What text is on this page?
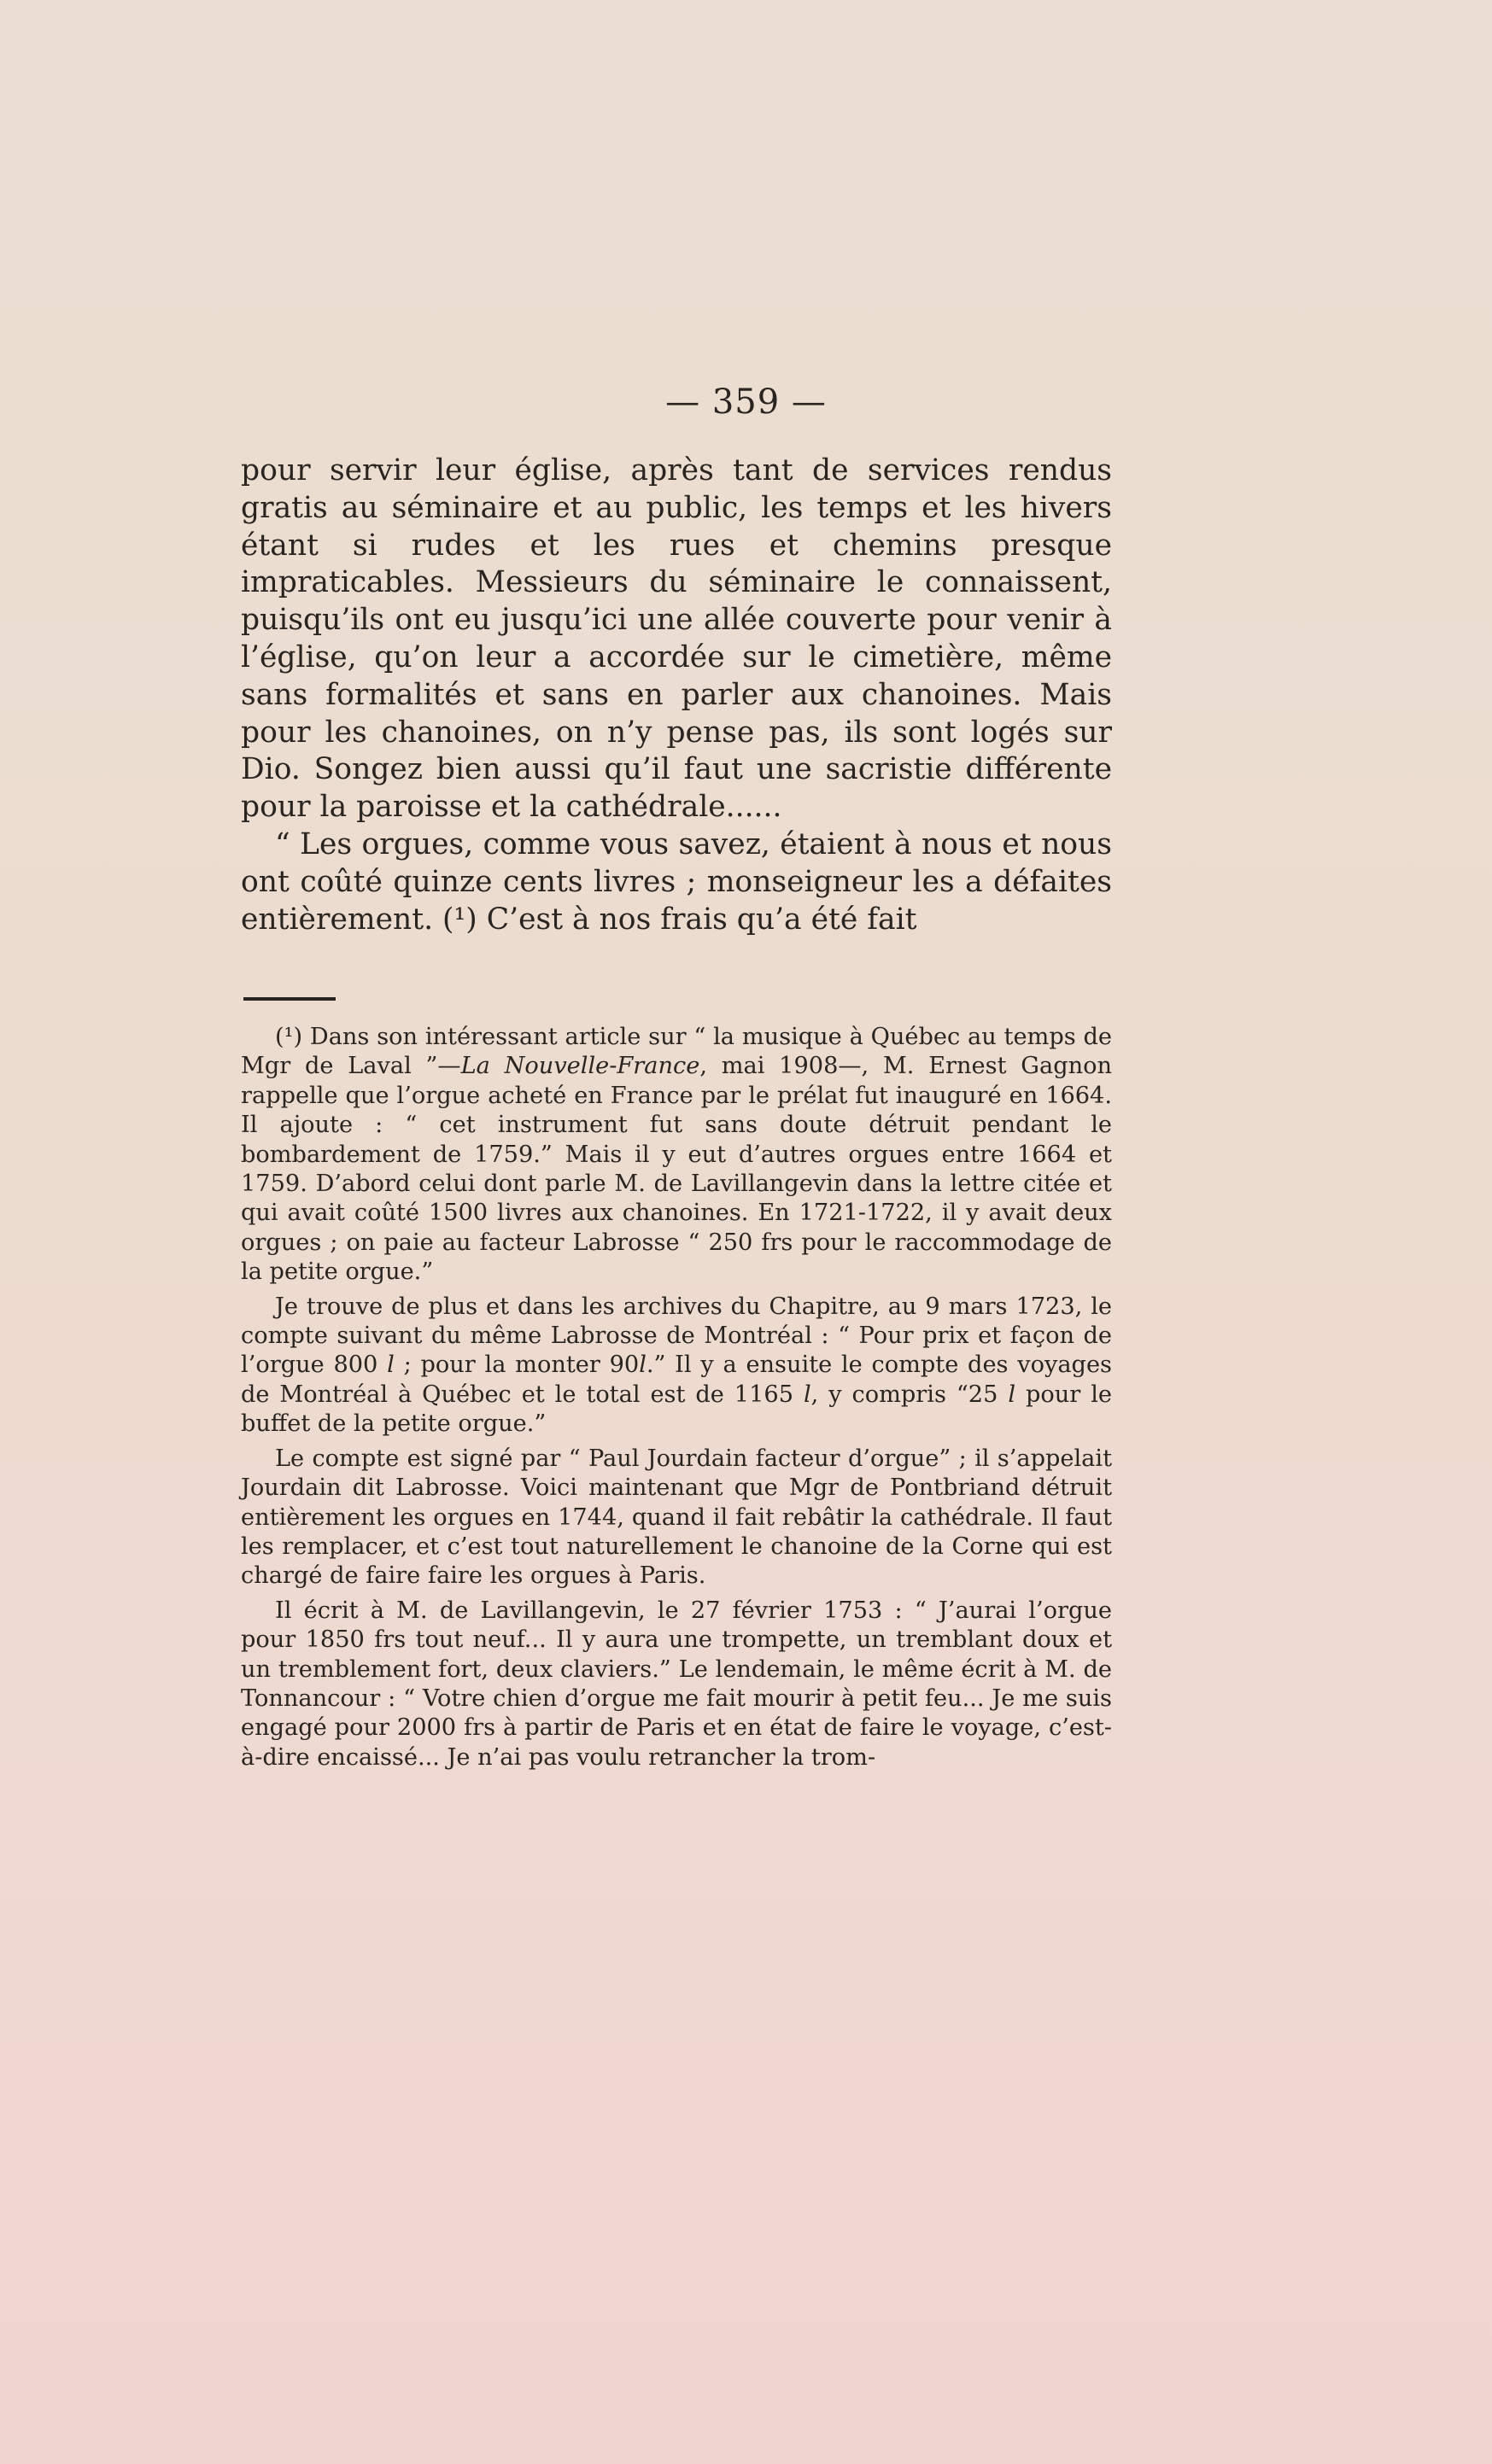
— 359 —

pour servir leur église, après tant de services rendus gratis au séminaire et au public, les temps et les hivers étant si rudes et les rues et chemins presque impraticables. Messieurs du séminaire le connaissent, puisqu’ils ont eu jusqu’ici une allée couverte pour venir à l’église, qu’on leur a accordée sur le cimetière, même sans formalités et sans en parler aux chanoines. Mais pour les chanoines, on n’y pense pas, ils sont logés sur Dio. Songez bien aussi qu’il faut une sacristie différente pour la paroisse et la cathédrale......

“ Les orgues, comme vous savez, étaient à nous et nous ont coûté quinze cents livres ; monseigneur les a défaites entièrement. (¹) C’est à nos frais qu’a été fait

(¹) Dans son intéressant article sur “ la musique à Québec au temps de Mgr de Laval ”—La Nouvelle-France, mai 1908—, M. Ernest Gagnon rappelle que l’orgue acheté en France par le prélat fut inauguré en 1664. Il ajoute : “ cet instrument fut sans doute détruit pendant le bombardement de 1759.” Mais il y eut d’autres orgues entre 1664 et 1759. D’abord celui dont parle M. de Lavillangevin dans la lettre citée et qui avait coûté 1500 livres aux chanoines. En 1721-1722, il y avait deux orgues ; on paie au facteur Labrosse “ 250 frs pour le raccommodage de la petite orgue.”

Je trouve de plus et dans les archives du Chapitre, au 9 mars 1723, le compte suivant du même Labrosse de Montréal : “ Pour prix et façon de l’orgue 800 l ; pour la monter 90l.” Il y a ensuite le compte des voyages de Montréal à Québec et le total est de 1165 l, y compris “25 l pour le buffet de la petite orgue.”

Le compte est signé par “ Paul Jourdain facteur d’orgue” ; il s’appelait Jourdain dit Labrosse. Voici maintenant que Mgr de Pontbriand détruit entièrement les orgues en 1744, quand il fait rebâtir la cathédrale. Il faut les remplacer, et c’est tout naturellement le chanoine de la Corne qui est chargé de faire faire les orgues à Paris.

Il écrit à M. de Lavillangevin, le 27 février 1753 : “ J’aurai l’orgue pour 1850 frs tout neuf... Il y aura une trompette, un tremblant doux et un tremblement fort, deux claviers.” Le lendemain, le même écrit à M. de Tonnancour : “ Votre chien d’orgue me fait mourir à petit feu... Je me suis engagé pour 2000 frs à partir de Paris et en état de faire le voyage, c’est-à-dire encaissé... Je n’ai pas voulu retrancher la trom-
